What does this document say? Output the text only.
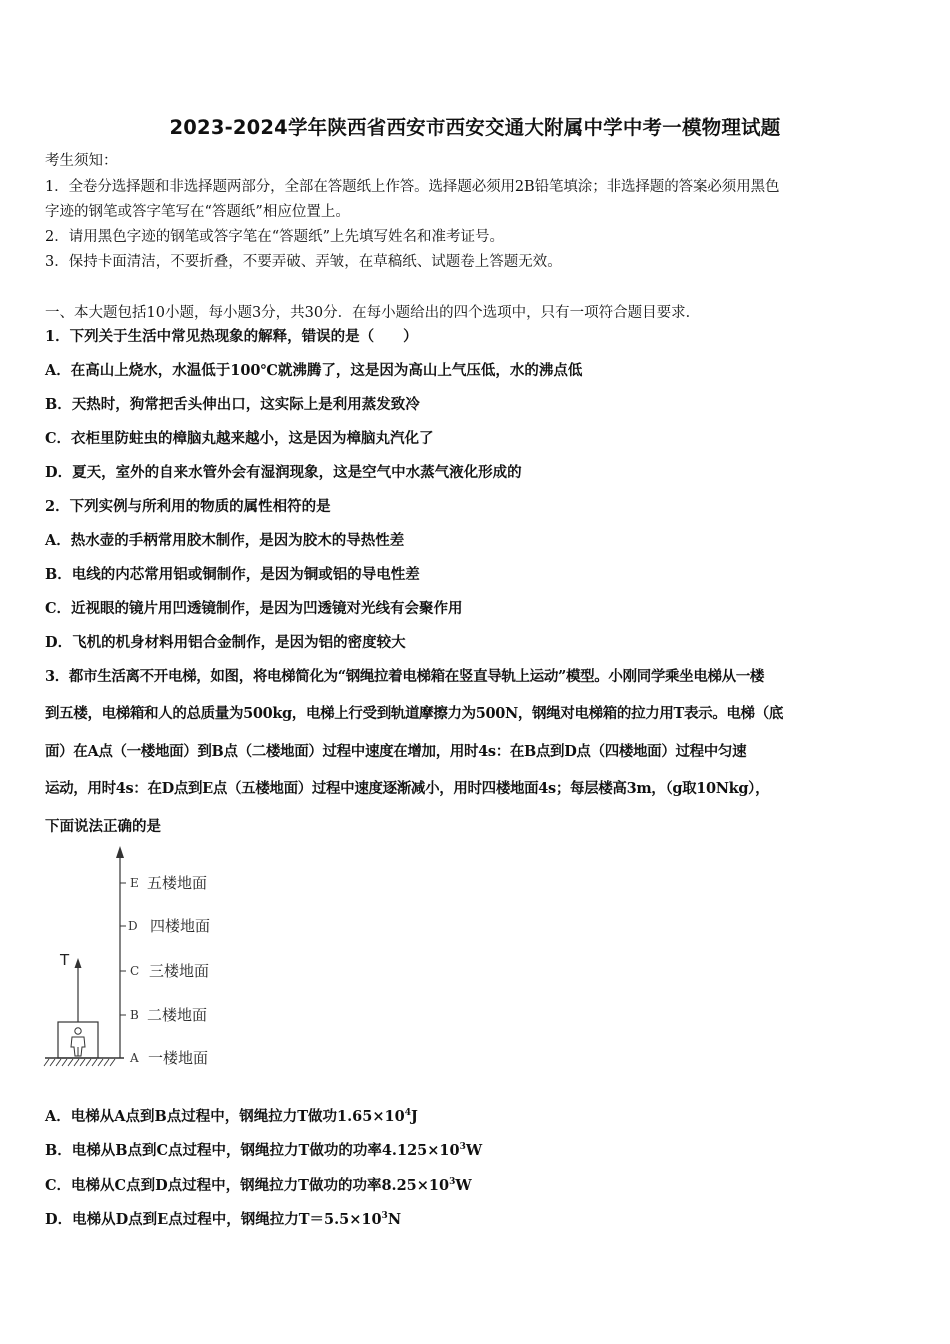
2023-2024学年陕西省西安市西安交通大附属中学中考一模物理试题
考生须知：
1．全卷分选择题和非选择题两部分，全部在答题纸上作答。选择题必须用2B铅笔填涂；非选择题的答案必须用黑色
字迹的钢笔或答字笔写在“答题纸”相应位置上。
2．请用黑色字迹的钢笔或答字笔在“答题纸”上先填写姓名和准考证号。
3．保持卡面清洁，不要折叠，不要弄破、弄皱，在草稿纸、试题卷上答题无效。
一、本大题包括10小题，每小题3分，共30分．在每小题给出的四个选项中，只有一项符合题目要求．
1．下列关于生活中常见热现象的解释，错误的是（　　）
A．在高山上烧水，水温低于100℃就沸腾了，这是因为高山上气压低，水的沸点低
B．天热时，狗常把舌头伸出口，这实际上是利用蒸发致冷
C．衣柜里防蛀虫的樟脑丸越来越小，这是因为樟脑丸汽化了
D．夏天，室外的自来水管外会有湿润现象，这是空气中水蒸气液化形成的
2．下列实例与所利用的物质的属性相符的是
A．热水壶的手柄常用胶木制作，是因为胶木的导热性差
B．电线的内芯常用铝或铜制作，是因为铜或铝的导电性差
C．近视眼的镜片用凹透镜制作，是因为凹透镜对光线有会聚作用
D．飞机的机身材料用铝合金制作，是因为铝的密度较大
3．都市生活离不开电梯，如图，将电梯简化为“钢绳拉着电梯箱在竖直导轨上运动”模型。小刚同学乘坐电梯从一楼
到五楼，电梯箱和人的总质量为500kg，电梯上行受到轨道摩擦力为500N，钢绳对电梯箱的拉力用T表示。电梯（底
面）在A点（一楼地面）到B点（二楼地面）过程中速度在增加，用时4s：在B点到D点（四楼地面）过程中匀速
运动，用时4s：在D点到E点（五楼地面）过程中速度逐渐减小，用时四楼地面4s；每层楼高3m，（g取10Nkg），
下面说法正确的是
T
E 五楼地面
D 四楼地面
C 三楼地面
B 二楼地面
A 一楼地面
A．电梯从A点到B点过程中，钢绳拉力T做功$1.65\times 10^4J$
B．电梯从B点到C点过程中，钢绳拉力T做功的功率$4.125\times 10^3W$
C．电梯从C点到D点过程中，钢绳拉力T做功的功率$8.25\times 10^3W$
D．电梯从D点到E点过程中，钢绳拉力$T=5.5\times 10^3N$
